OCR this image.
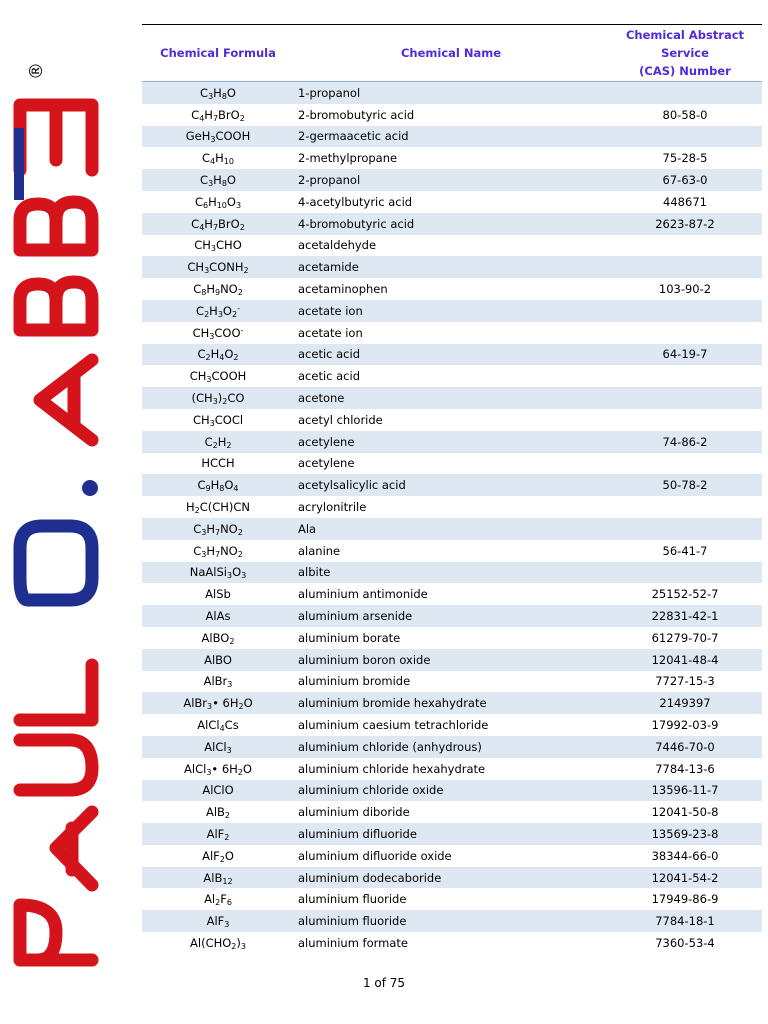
®
Chemical Formula	Chemical Name	Chemical Abstract
Service
(CAS) Number

$C_3H_8O$	1-propanol	
$C_4H_7BrO_2$	2-bromobutyric acid	80-58-0
GeH$_3$COOH	2-germaacetic acid	
$C_4H_{10}$	2-methylpropane	75-28-5
$C_3H_8O$	2-propanol	67-63-0
$C_6H_{10}O_3$	4-acetylbutyric acid	448671
$C_4H_7BrO_2$	4-bromobutyric acid	2623-87-2
$CH_3CHO$	acetaldehyde	
$CH_3CONH_2$	acetamide	
$C_8H_9NO_2$	acetaminophen	103-90-2
$C_2H_3O_2^-$	acetate ion	
$CH_3COO^-$	acetate ion	
$C_2H_4O_2$	acetic acid	64-19-7
$CH_3COOH$	acetic acid	
$(CH_3)_2CO$	acetone	
$CH_3COCl$	acetyl chloride	
$C_2H_2$	acetylene	74-86-2
HCCH	acetylene	
$C_9H_8O_4$	acetylsalicylic acid	50-78-2
$H_2C(CH)CN$	acrylonitrile	
$C_3H_7NO_2$	Ala	
$C_3H_7NO_2$	alanine	56-41-7
$NaAlSi_3O_3$	albite	
AlSb	aluminium antimonide	25152-52-7
AlAs	aluminium arsenide	22831-42-1
AlBO$_2$	aluminium borate	61279-70-7
AlBO	aluminium boron oxide	12041-48-4
AlBr$_3$	aluminium bromide	7727-15-3
AlBr$_3$• $6H_2O$	aluminium bromide hexahydrate	2149397
AlCl$_4$Cs	aluminium caesium tetrachloride	17992-03-9
AlCl$_3$	aluminium chloride (anhydrous)	7446-70-0
AlCl$_3$• $6H_2O$	aluminium chloride hexahydrate	7784-13-6
AlClO	aluminium chloride oxide	13596-11-7
AlB$_2$	aluminium diboride	12041-50-8
AlF$_2$	aluminium difluoride	13569-23-8
AlF$_2$O	aluminium difluoride oxide	38344-66-0
AlB$_{12}$	aluminium dodecaboride	12041-54-2
$Al_2F_6$	aluminium fluoride	17949-86-9
AlF$_3$	aluminium fluoride	7784-18-1
$Al(CHO_2)_3$	aluminium formate	7360-53-4
1 of 75
